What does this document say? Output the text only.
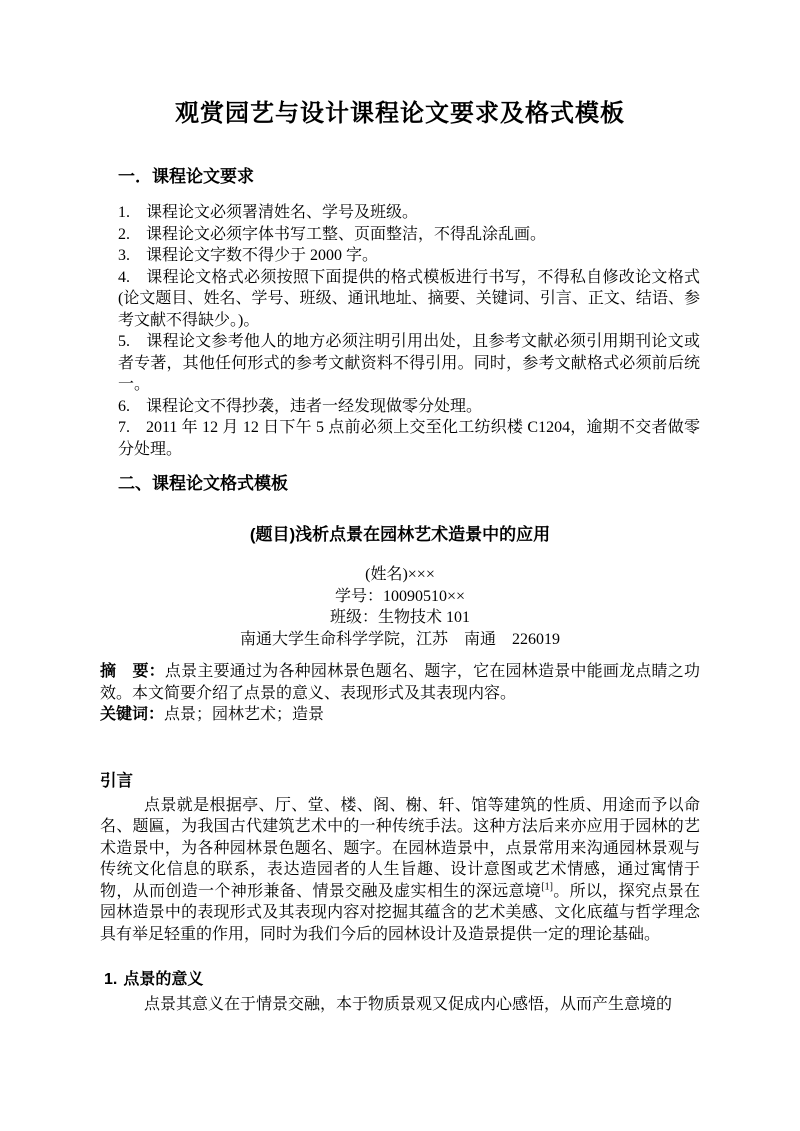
观赏园艺与设计课程论文要求及格式模板
一．课程论文要求
1. 课程论文必须署清姓名、学号及班级。
2. 课程论文必须字体书写工整、页面整洁，不得乱涂乱画。
3. 课程论文字数不得少于 2000 字。
4. 课程论文格式必须按照下面提供的格式模板进行书写，不得私自修改论文格式(论文题目、姓名、学号、班级、通讯地址、摘要、关键词、引言、正文、结语、参考文献不得缺少。)。
5. 课程论文参考他人的地方必须注明引用出处，且参考文献必须引用期刊论文或者专著，其他任何形式的参考文献资料不得引用。同时，参考文献格式必须前后统一。
6. 课程论文不得抄袭，违者一经发现做零分处理。
7. 2011 年 12 月 12 日下午 5 点前必须上交至化工纺织楼 C1204，逾期不交者做零分处理。
二、课程论文格式模板
(题目)浅析点景在园林艺术造景中的应用

(姓名)×××

学号：10090510××

班级：生物技术 101

南通大学生命科学学院，江苏　南通　226019

摘　要：点景主要通过为各种园林景色题名、题字，它在园林造景中能画龙点睛之功效。本文简要介绍了点景的意义、表现形式及其表现内容。
关键词：点景；园林艺术；造景
引言

点景就是根据亭、厅、堂、楼、阁、榭、轩、馆等建筑的性质、用途而予以命名、题匾，为我国古代建筑艺术中的一种传统手法。这种方法后来亦应用于园林的艺术造景中，为各种园林景色题名、题字。在园林造景中，点景常用来沟通园林景观与传统文化信息的联系，表达造园者的人生旨趣、设计意图或艺术情感，通过寓情于物，从而创造一个神形兼备、情景交融及虚实相生的深远意境[1]。所以，探究点景在园林造景中的表现形式及其表现内容对挖掘其蕴含的艺术美感、文化底蕴与哲学理念具有举足轻重的作用，同时为我们今后的园林设计及造景提供一定的理论基础。

1. 点景的意义

点景其意义在于情景交融，本于物质景观又促成内心感悟，从而产生意境的
